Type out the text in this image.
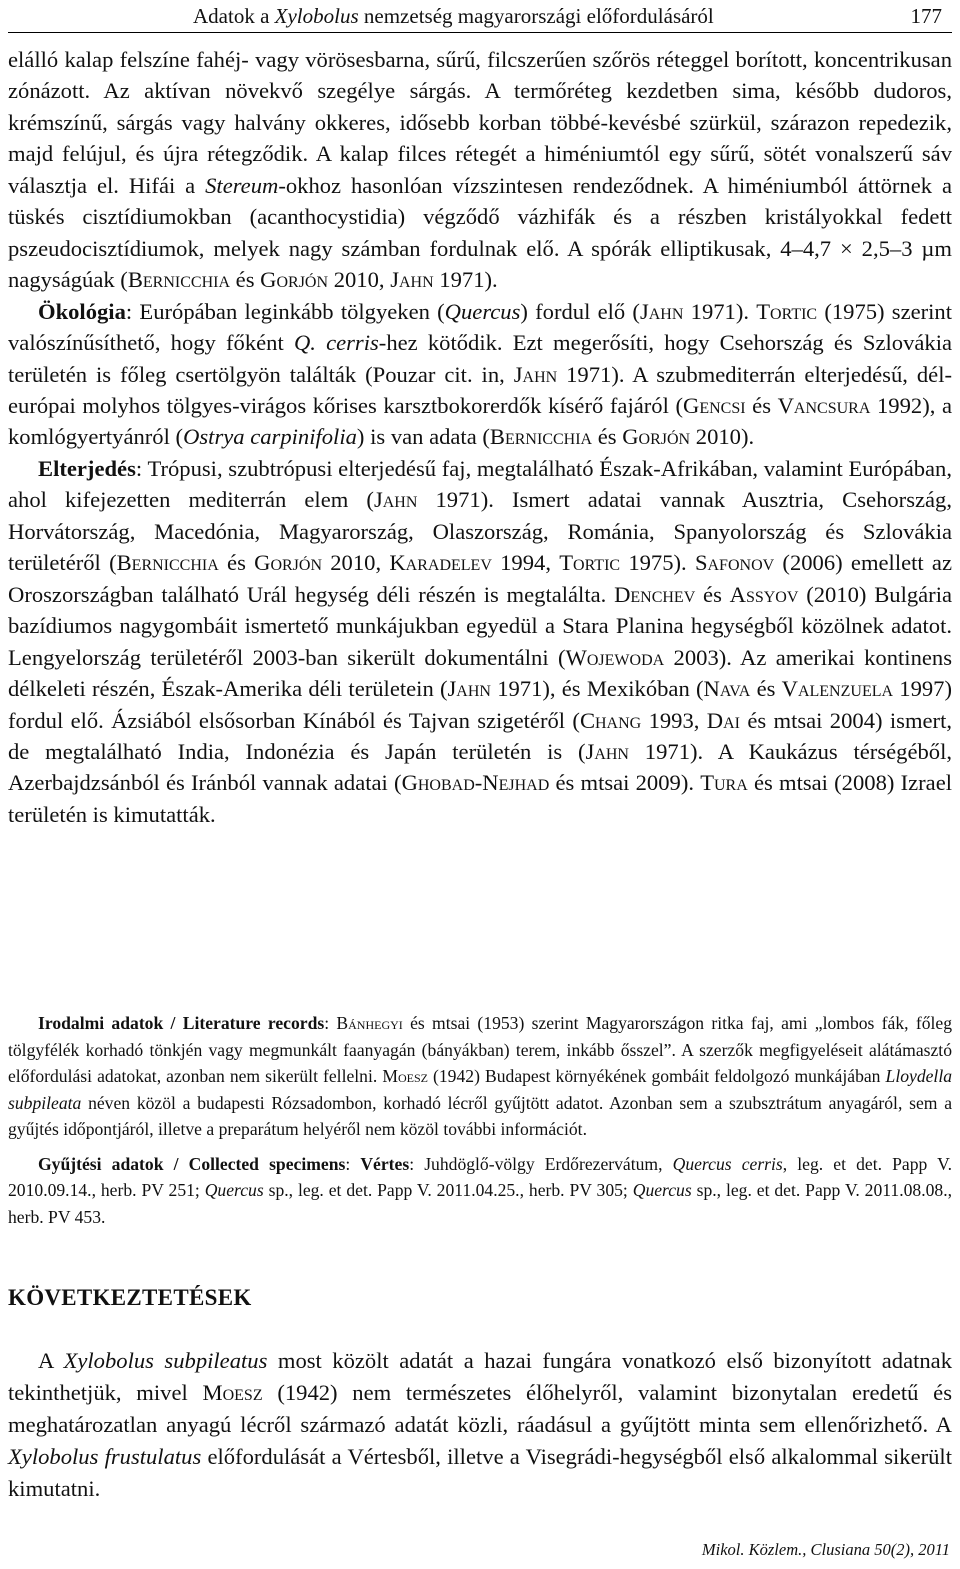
Adatok a Xylobolus nemzetség magyarországi előfordulásáról	177

elálló kalap felszíne fahéj- vagy vörösesbarna, sűrű, filcszerűen szőrös réteggel borított, koncentrikusan zónázott. Az aktívan növekvő szegélye sárgás. A termőréteg kezdetben sima, később dudoros, krémszínű, sárgás vagy halvány okkeres, idősebb korban többé-kevésbé szürkül, szárazon repedezik, majd felújul, és újra rétegződik. A kalap filces rétegét a himéniumtól egy sűrű, sötét vonalszerű sáv választja el. Hifái a Stereum-okhoz hasonlóan vízszintesen rendeződnek. A himéniumból áttörnek a tüskés cisztídiumokban (acanthocystidia) végződő vázhifák és a részben kristályokkal fedett pszeudocisztídiumok, melyek nagy számban fordulnak elő. A spórák elliptikusak, 4–4,7 × 2,5–3 µm nagyságúak (Bernicchia és Gorjón 2010, Jahn 1971).

Ökológia: Európában leginkább tölgyeken (Quercus) fordul elő (Jahn 1971). Tortic (1975) szerint valószínűsíthető, hogy főként Q. cerris-hez kötődik. Ezt megerősíti, hogy Csehország és Szlovákia területén is főleg csertölgyön találták (Pouzar cit. in, Jahn 1971). A szubmediterrán elterjedésű, dél-európai molyhos tölgyes-virágos kőrises karsztbokorerdők kísérő fajáról (Gencsi és Vancsura 1992), a komlógyertyánról (Ostrya carpinifolia) is van adata (Bernicchia és Gorjón 2010).

Elterjedés: Trópusi, szubtrópusi elterjedésű faj, megtalálható Észak-Afrikában, valamint Európában, ahol kifejezetten mediterrán elem (Jahn 1971). Ismert adatai vannak Ausztria, Csehország, Horvátország, Macedónia, Magyarország, Olaszország, Románia, Spanyolország és Szlovákia területéről (Bernicchia és Gorjón 2010, Karadelev 1994, Tortic 1975). Safonov (2006) emellett az Oroszországban található Urál hegység déli részén is megtalálta. Denchev és Assyov (2010) Bulgária bazídiumos nagygombáit ismertető munkájukban egyedül a Stara Planina hegységből közölnek adatot. Lengyelország területéről 2003-ban sikerült dokumentálni (Wojewoda 2003). Az amerikai kontinens délkeleti részén, Észak-Amerika déli területein (Jahn 1971), és Mexikóban (Nava és Valenzuela 1997) fordul elő. Ázsiából elsősorban Kínából és Tajvan szigetéről (Chang 1993, Dai és mtsai 2004) ismert, de megtalálható India, Indonézia és Japán területén is (Jahn 1971). A Kaukázus térségéből, Azerbajdzsánból és Iránból vannak adatai (Ghobad-Nejhad és mtsai 2009). Tura és mtsai (2008) Izrael területén is kimutatták.

Irodalmi adatok / Literature records: Bánhegyi és mtsai (1953) szerint Magyarországon ritka faj, ami „lombos fák, főleg tölgyfélék korhadó tönkjén vagy megmunkált faanyagán (bányákban) terem, inkább ősszel”. A szerzők megfigyeléseit alátámasztó előfordulási adatokat, azonban nem sikerült fellelni. Moesz (1942) Budapest környékének gombáit feldolgozó munkájában Lloydella subpileata néven közöl a budapesti Rózsadombon, korhadó lécről gyűjtött adatot. Azonban sem a szubsztrátum anyagáról, sem a gyűjtés időpontjáról, illetve a preparátum helyéről nem közöl további információt.

Gyűjtési adatok / Collected specimens: Vértes: Juhdöglő-völgy Erdőrezervátum, Quercus cerris, leg. et det. Papp V. 2010.09.14., herb. PV 251; Quercus sp., leg. et det. Papp V. 2011.04.25., herb. PV 305; Quercus sp., leg. et det. Papp V. 2011.08.08., herb. PV 453.

KÖVETKEZTETÉSEK

A Xylobolus subpileatus most közölt adatát a hazai fungára vonatkozó első bizonyított adatnak tekinthetjük, mivel Moesz (1942) nem természetes élőhelyről, valamint bizonytalan eredetű és meghatározatlan anyagú lécről származó adatát közli, ráadásul a gyűjtött minta sem ellenőrizhető. A Xylobolus frustulatus előfordulását a Vértesből, illetve a Visegrádi-hegységből első alkalommal sikerült kimutatni.

Mikol. Közlem., Clusiana 50(2), 2011
